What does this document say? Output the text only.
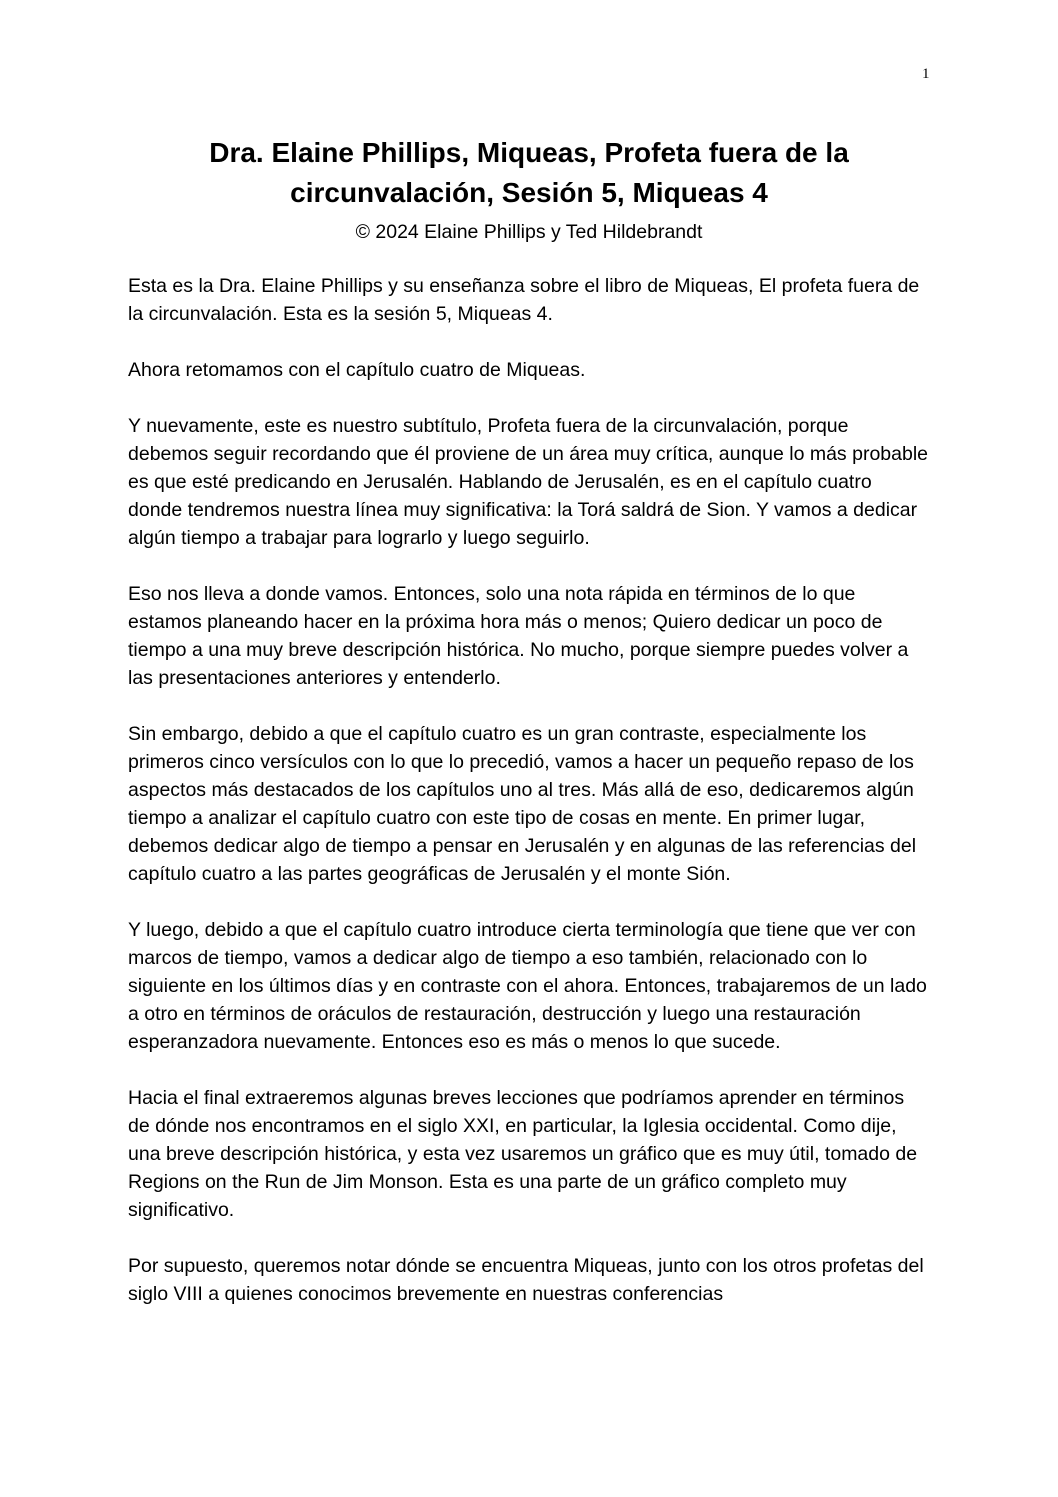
1
Dra. Elaine Phillips, Miqueas, Profeta fuera de la
circunvalación, Sesión 5, Miqueas 4
© 2024 Elaine Phillips y Ted Hildebrandt

Esta es la Dra. Elaine Phillips y su enseñanza sobre el libro de Miqueas, El profeta fuera de la circunvalación. Esta es la sesión 5, Miqueas 4.

Ahora retomamos con el capítulo cuatro de Miqueas.

Y nuevamente, este es nuestro subtítulo, Profeta fuera de la circunvalación, porque debemos seguir recordando que él proviene de un área muy crítica, aunque lo más probable es que esté predicando en Jerusalén. Hablando de Jerusalén, es en el capítulo cuatro donde tendremos nuestra línea muy significativa: la Torá saldrá de Sion. Y vamos a dedicar algún tiempo a trabajar para lograrlo y luego seguirlo.

Eso nos lleva a donde vamos. Entonces, solo una nota rápida en términos de lo que estamos planeando hacer en la próxima hora más o menos; Quiero dedicar un poco de tiempo a una muy breve descripción histórica. No mucho, porque siempre puedes volver a las presentaciones anteriores y entenderlo.

Sin embargo, debido a que el capítulo cuatro es un gran contraste, especialmente los primeros cinco versículos con lo que lo precedió, vamos a hacer un pequeño repaso de los aspectos más destacados de los capítulos uno al tres. Más allá de eso, dedicaremos algún tiempo a analizar el capítulo cuatro con este tipo de cosas en mente. En primer lugar, debemos dedicar algo de tiempo a pensar en Jerusalén y en algunas de las referencias del capítulo cuatro a las partes geográficas de Jerusalén y el monte Sión.

Y luego, debido a que el capítulo cuatro introduce cierta terminología que tiene que ver con marcos de tiempo, vamos a dedicar algo de tiempo a eso también, relacionado con lo siguiente en los últimos días y en contraste con el ahora. Entonces, trabajaremos de un lado a otro en términos de oráculos de restauración, destrucción y luego una restauración esperanzadora nuevamente. Entonces eso es más o menos lo que sucede.

Hacia el final extraeremos algunas breves lecciones que podríamos aprender en términos de dónde nos encontramos en el siglo XXI, en particular, la Iglesia occidental. Como dije, una breve descripción histórica, y esta vez usaremos un gráfico que es muy útil, tomado de Regions on the Run de Jim Monson. Esta es una parte de un gráfico completo muy significativo.

Por supuesto, queremos notar dónde se encuentra Miqueas, junto con los otros profetas del siglo VIII a quienes conocimos brevemente en nuestras conferencias
